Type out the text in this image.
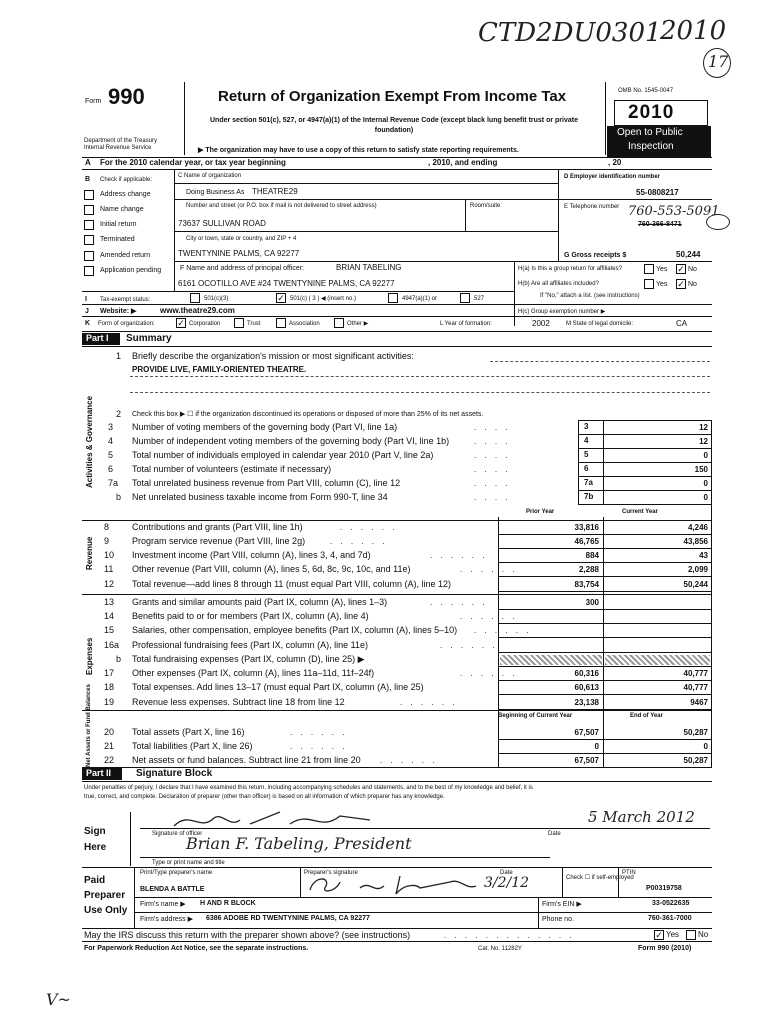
CTD2DU0301
2010
17
Form 990
Department of the Treasury
Internal Revenue Service
Return of Organization Exempt From Income Tax
Under section 501(c), 527, or 4947(a)(1) of the Internal Revenue Code (except black lung benefit trust or private foundation)
▶ The organization may have to use a copy of this return to satisfy state reporting requirements.
OMB No. 1545-0047
2010
Open to Public
Inspection
A For the 2010 calendar year, or tax year beginning	, 2010, and ending	, 20
B Check if applicable:
Address change
Name change
Initial return
Terminated
Amended return
Application pending
C Name of organization
Doing Business As THEATRE29
Number and street (or P.O. box if mail is not delivered to street address)	Room/suite
73637 SULLIVAN ROAD
City or town, state or country, and ZIP + 4
TWENTYNINE PALMS, CA 92277
D Employer identification number
55-0808217
E Telephone number 760-553-5091
760-366-8471
G Gross receipts $	50,244
F Name and address of principal officer:	BRIAN TABELING
6161 OCOTILLO AVE #24 TWENTYNINE PALMS, CA 92277
H(a) Is this a group return for affiliates?	Yes ✓ No
H(b) Are all affiliates included?	Yes ✓ No
If "No," attach a list. (see instructions)
I Tax-exempt status:	501(c)(3)	✓ 501(c) ( 3 ) ◀ (insert no.)	4947(a)(1) or	527
J Website: ▶	www.theatre29.com	H(c) Group exemption number ▶
K Form of organization:	✓ Corporation	Trust	Association	Other ▶	L Year of formation:	2002	M State of legal domicile:	CA
Part I Summary
Activities & Governance
Revenue
Expenses
Net Assets or Fund Balances
1 Briefly describe the organization's mission or most significant activities:
PROVIDE LIVE, FAMILY-ORIENTED THEATRE.
2 Check this box ▶ ☐ if the organization discontinued its operations or disposed of more than 25% of its net assets.
3 Number of voting members of the governing body (Part VI, line 1a)	. . . .	3	12
4 Number of independent voting members of the governing body (Part VI, line 1b)	. . . .	4	12
5 Total number of individuals employed in calendar year 2010 (Part V, line 2a)	. . . .	5	0
6 Total number of volunteers (estimate if necessary)	. . . .	6	150
7a Total unrelated business revenue from Part VIII, column (C), line 12	. . . .	7a	0
b Net unrelated business taxable income from Form 990-T, line 34	. . . .	7b	0
Prior Year	Current Year
8	Contributions and grants (Part VIII, line 1h)	33,816	4,246
9	Program service revenue (Part VIII, line 2g)	46,765	43,856
10 Investment income (Part VIII, column (A), lines 3, 4, and 7d)	884	43
11 Other revenue (Part VIII, column (A), lines 5, 6d, 8c, 9c, 10c, and 11e)	2,288	2,099
12 Total revenue—add lines 8 through 11 (must equal Part VIII, column (A), line 12)	83,754	50,244
. . . . . .
. . . . . .
. . . . . .
. . . . . .
13 Grants and similar amounts paid (Part IX, column (A), lines 1–3)	300
14 Benefits paid to or for members (Part IX, column (A), line 4)
15 Salaries, other compensation, employee benefits (Part IX, column (A), lines 5–10)
16a Professional fundraising fees (Part IX, column (A), line 11e)
b Total fundraising expenses (Part IX, column (D), line 25) ▶
17 Other expenses (Part IX, column (A), lines 11a–11d, 11f–24f)	60,316	40,777
18 Total expenses. Add lines 13–17 (must equal Part IX, column (A), line 25)	60,613	40,777
19 Revenue less expenses. Subtract line 18 from line 12	23,138	9467
. . . . . .
. . . . . .
. . . . . .
. . . . . .
. . . . . .
. . . . . .
Beginning of Current Year	End of Year
20 Total assets (Part X, line 16)	67,507	50,287
21 Total liabilities (Part X, line 26)	0	0
22 Net assets or fund balances. Subtract line 21 from line 20	67,507	50,287
. . . . . .
. . . . . .
. . . . . .
Part II Signature Block
Under penalties of perjury, I declare that I have examined this return, including accompanying schedules and statements, and to the best of my knowledge and belief, it is
true, correct, and complete. Declaration of preparer (other than officer) is based on all information of which preparer has any knowledge.
Sign
Here
5 March 2012
Signature of officer	Date
Brian F. Tabeling, President
Type or print name and title
Paid
Preparer
Use Only
Print/Type preparer's name	Preparer's signature	Date
3/2/12	Check ☐ if self-employed
PTIN
P00319758
BLENDA A BATTLE
Firm's name ▶ H AND R BLOCK	Firm's EIN ▶	33-0522635
Firm's address ▶ 6386 ADOBE RD TWENTYNINE PALMS, CA 92277	Phone no.	760-361-7000
May the IRS discuss this return with the preparer shown above? (see instructions)	. . . . . . . . . . . . .	✓ Yes No
For Paperwork Reduction Act Notice, see the separate instructions.	Cat. No. 11282Y	Form 990 (2010)
V~
